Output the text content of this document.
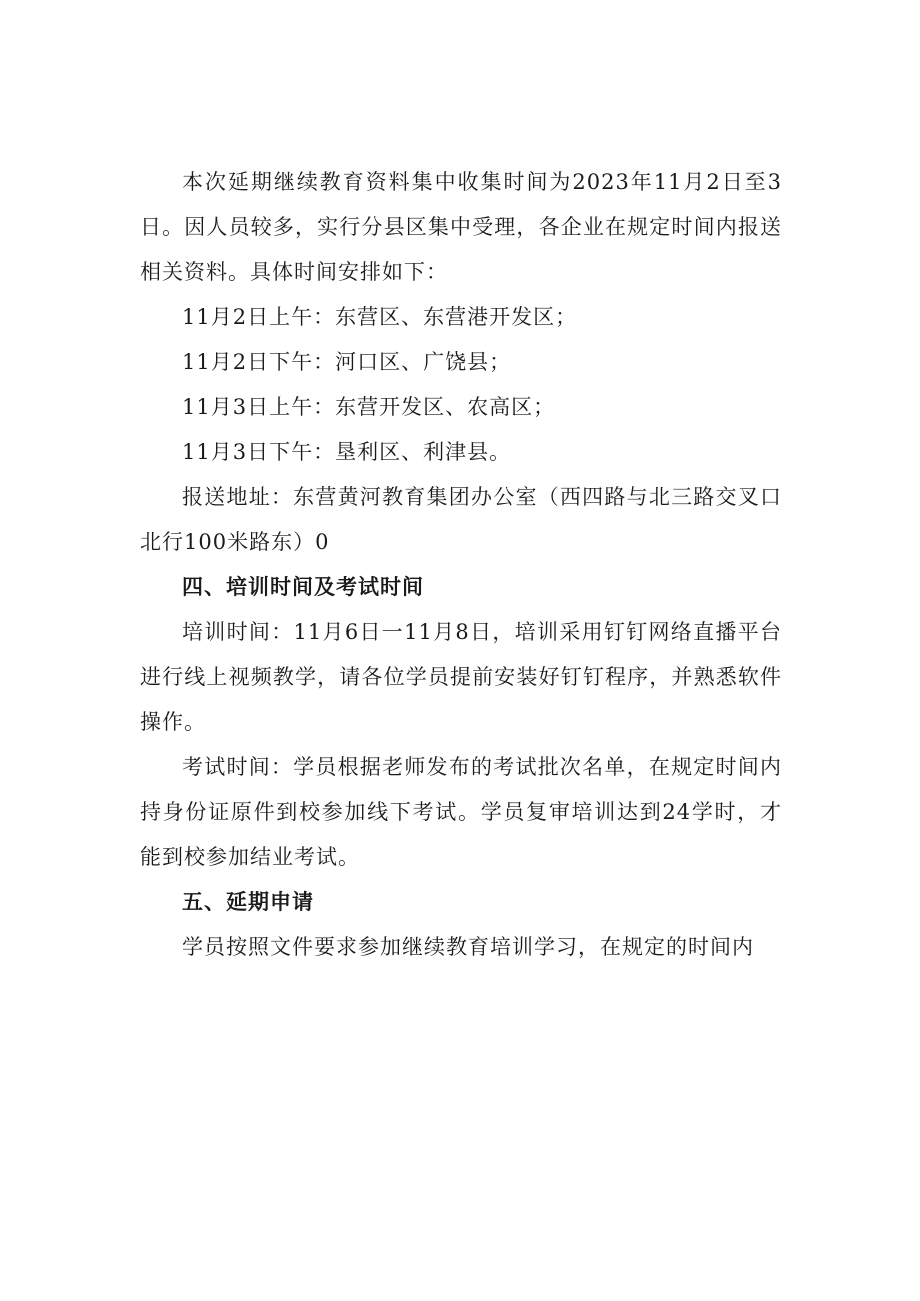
本次延期继续教育资料集中收集时间为2023年11月2日至3日。因人员较多，实行分县区集中受理，各企业在规定时间内报送相关资料。具体时间安排如下：

11月2日上午：东营区、东营港开发区；

11月2日下午：河口区、广饶县；

11月3日上午：东营开发区、农高区；

11月3日下午：垦利区、利津县。

报送地址：东营黄河教育集团办公室（西四路与北三路交叉口北行100米路东）0

四、培训时间及考试时间

培训时间：11月6日一11月8日，培训采用钉钉网络直播平台进行线上视频教学，请各位学员提前安装好钉钉程序，并熟悉软件操作。

考试时间：学员根据老师发布的考试批次名单，在规定时间内持身份证原件到校参加线下考试。学员复审培训达到24学时，才能到校参加结业考试。

五、延期申请

学员按照文件要求参加继续教育培训学习，在规定的时间内
